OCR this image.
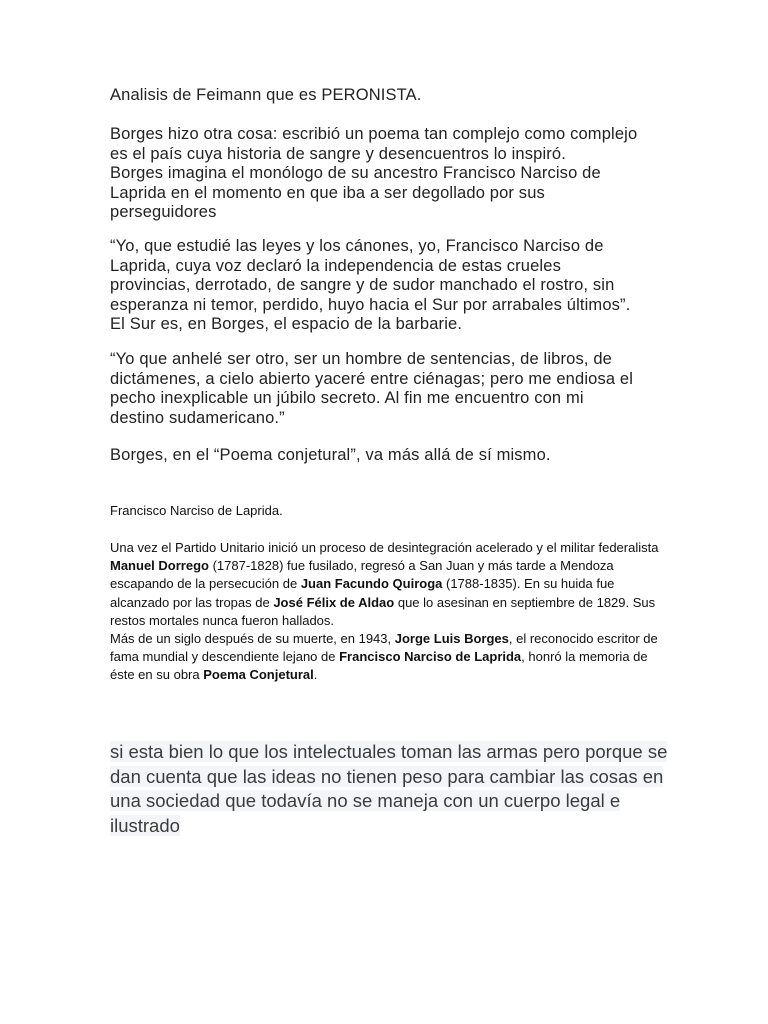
Analisis de Feimann que es PERONISTA.

Borges hizo otra cosa: escribió un poema tan complejo como complejo

es el país cuya historia de sangre y desencuentros lo inspiró.

Borges imagina el monólogo de su ancestro Francisco Narciso de

Laprida en el momento en que iba a ser degollado por sus

perseguidores

“Yo, que estudié las leyes y los cánones, yo, Francisco Narciso de

Laprida, cuya voz declaró la independencia de estas crueles

provincias, derrotado, de sangre y de sudor manchado el rostro, sin

esperanza ni temor, perdido, huyo hacia el Sur por arrabales últimos”.

El Sur es, en Borges, el espacio de la barbarie.

“Yo que anhelé ser otro, ser un hombre de sentencias, de libros, de

dictámenes, a cielo abierto yaceré entre ciénagas; pero me endiosa el

pecho inexplicable un júbilo secreto. Al fin me encuentro con mi

destino sudamericano.”

Borges, en el “Poema conjetural”, va más allá de sí mismo.

Francisco Narciso de Laprida.

Una vez el Partido Unitario inició un proceso de desintegración acelerado y el militar federalista Manuel Dorrego (1787-1828) fue fusilado, regresó a San Juan y más tarde a Mendoza escapando de la persecución de Juan Facundo Quiroga (1788-1835). En su huida fue alcanzado por las tropas de José Félix de Aldao que lo asesinan en septiembre de 1829. Sus restos mortales nunca fueron hallados.

Más de un siglo después de su muerte, en 1943, Jorge Luis Borges, el reconocido escritor de fama mundial y descendiente lejano de Francisco Narciso de Laprida, honró la memoria de éste en su obra Poema Conjetural.

si esta bien lo que los intelectuales toman las armas pero porque se

dan cuenta que las ideas no tienen peso para cambiar las cosas en

una sociedad que todavía no se maneja con un cuerpo legal e

ilustrado
